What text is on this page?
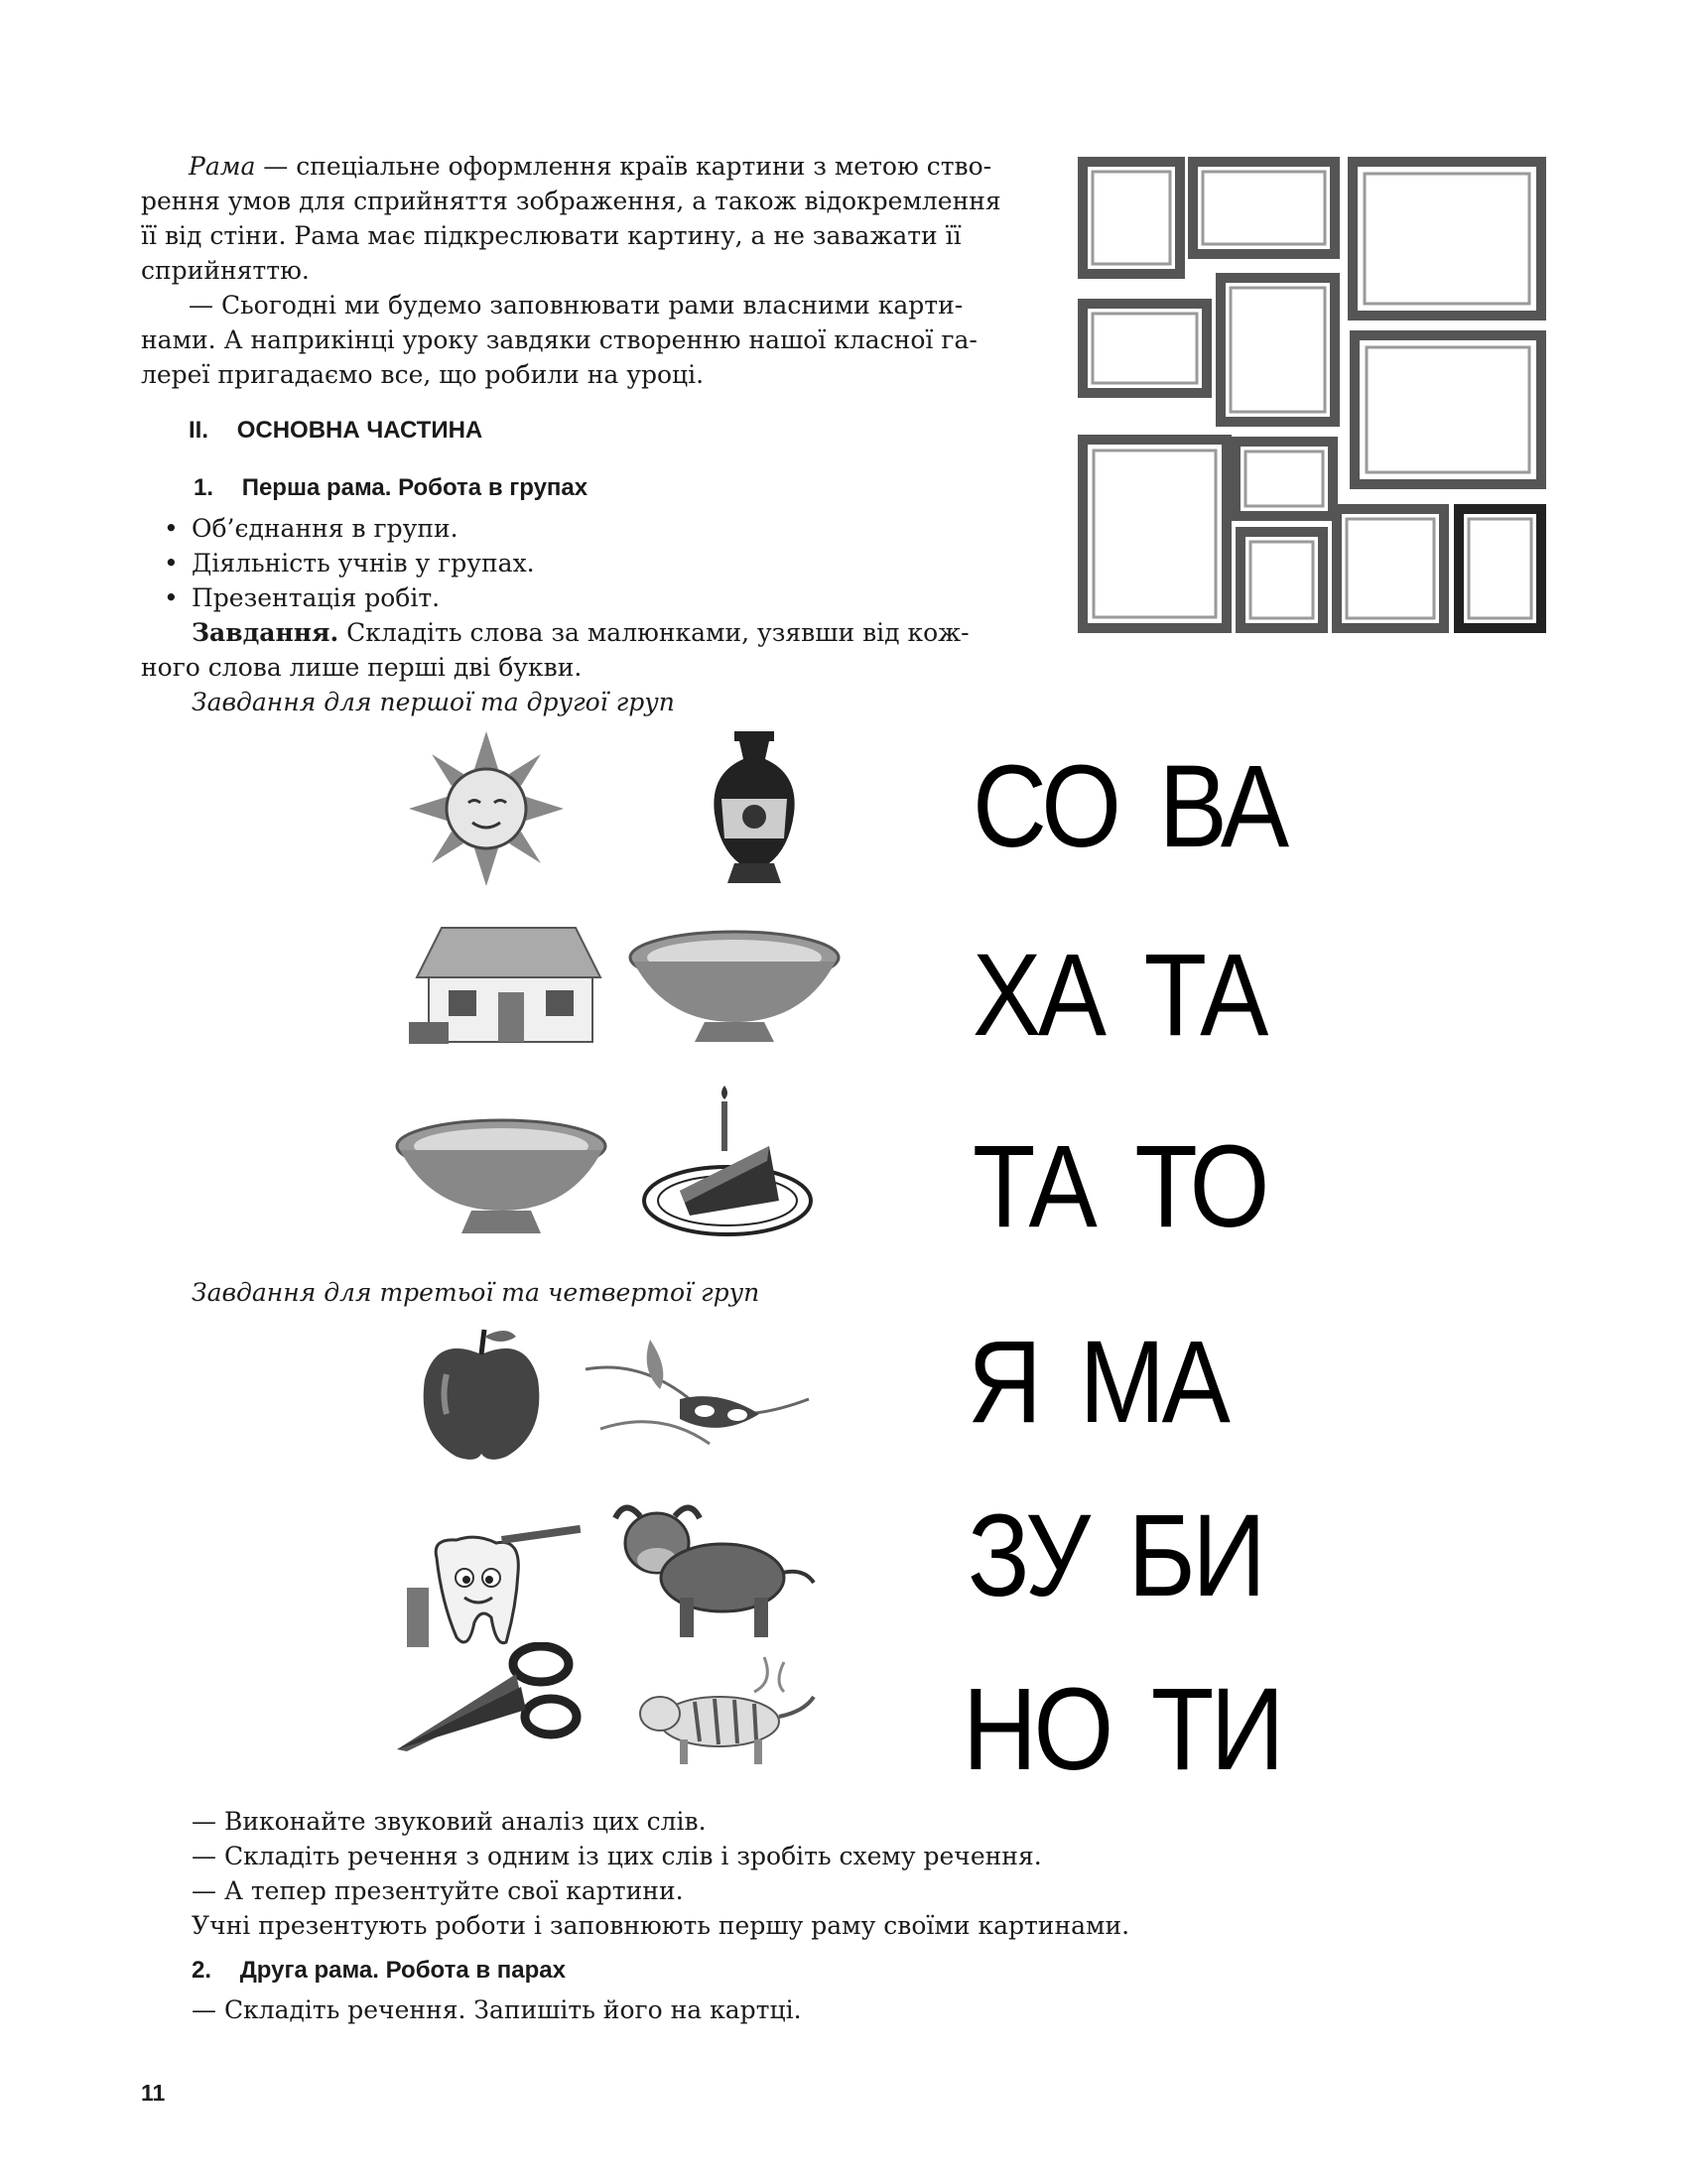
Рама — спеціальне оформлення країв картини з метою ство-
рення умов для сприйняття зображення, а також відокремлення
її від стіни. Рама має підкреслювати картину, а не заважати її
сприйняттю.
— Сьогодні ми будемо заповнювати рами власними карти-
нами. А наприкінці уроку завдяки створенню нашої класної га-
лереї пригадаємо все, що робили на уроці.
II. ОСНОВНА ЧАСТИНА
1. Перша рама. Робота в групах
• Об’єднання в групи.
• Діяльність учнів у групах.
• Презентація робіт.
Завдання. Складіть слова за малюнками, узявши від кож-
ного слова лише перші дві букви.
Завдання для першої та другої груп
СО ВА
ХА ТА
ТА ТО
Я МА
ЗУ БИ
НО ТИ
Завдання для третьої та четвертої груп
— Виконайте звуковий аналіз цих слів.
— Складіть речення з одним із цих слів і зробіть схему речення.
— А тепер презентуйте свої картини.
Учні презентують роботи і заповнюють першу раму своїми картинами.
2. Друга рама. Робота в парах
— Складіть речення. Запишіть його на картці.
11
